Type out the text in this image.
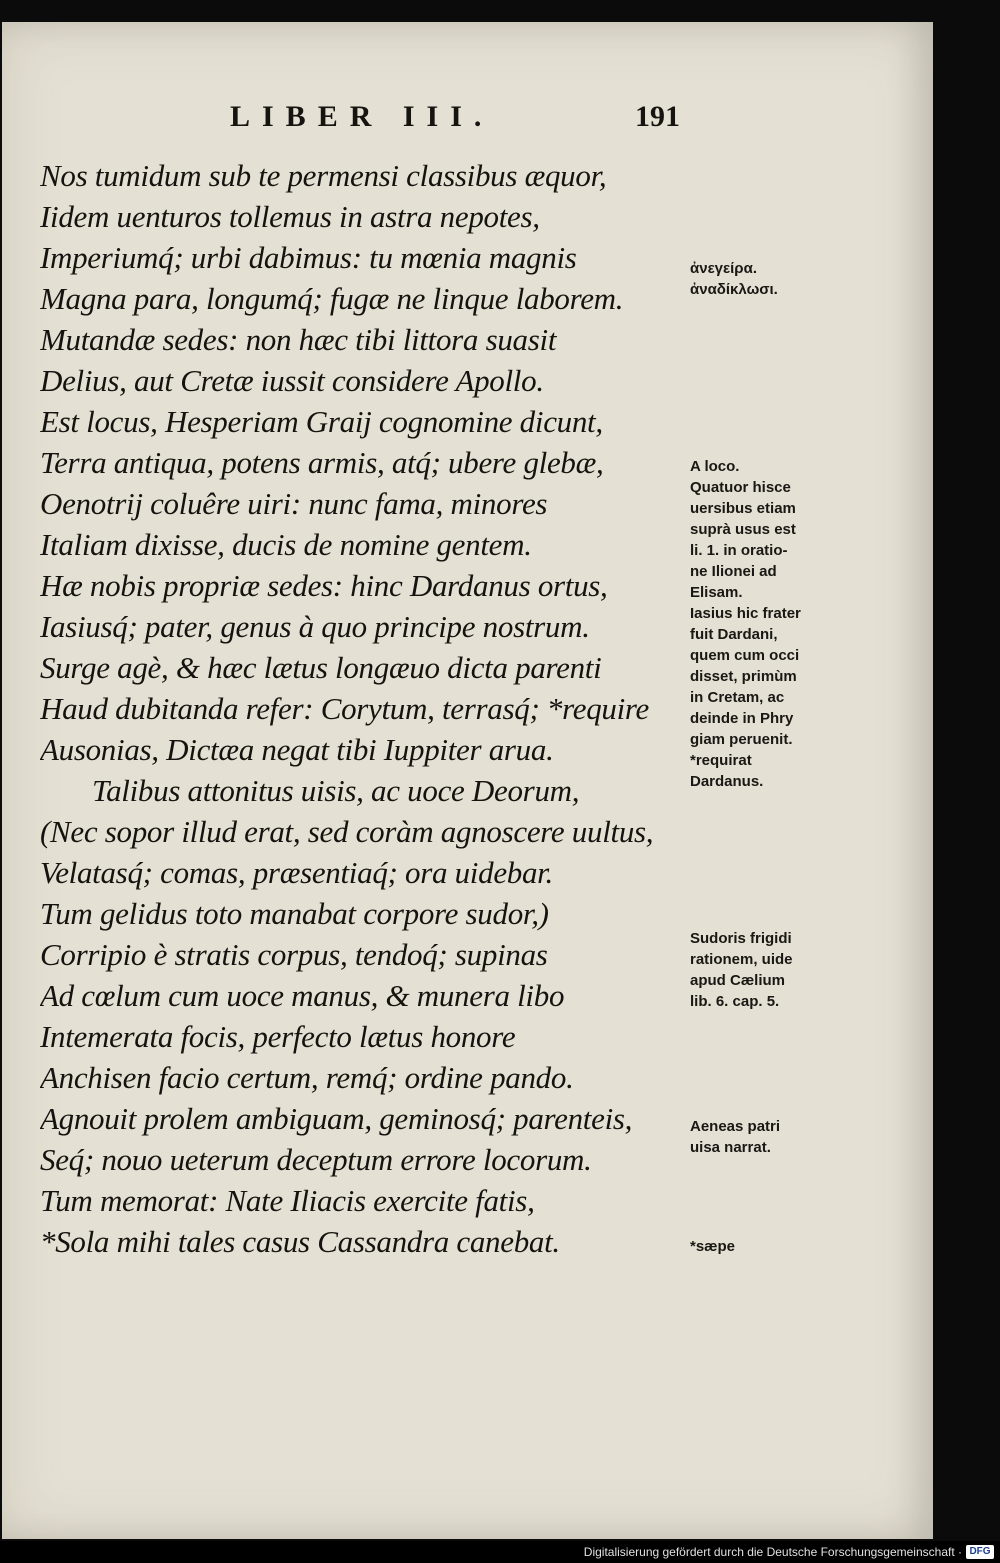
LIBER III.	191
Nos tumidum sub te permensi classibus æquor,
Iidem uenturos tollemus in astra nepotes,
Imperiumq́; urbi dabimus: tu mœnia magnis
Magna para, longumq́; fugæ ne linque laborem.
Mutandæ sedes: non hæc tibi littora suasit
Delius, aut Cretæ iussit considere Apollo.
Est locus, Hesperiam Graij cognomine dicunt,
Terra antiqua, potens armis, atq́; ubere glebæ,
Oenotrij coluêre uiri: nunc fama, minores
Italiam dixisse, ducis de nomine gentem.
Hæ nobis propriæ sedes: hinc Dardanus ortus,
Iasiusq́; pater, genus à quo principe nostrum.
Surge agè, & hæc lætus longæuo dicta parenti
Haud dubitanda refer: Corytum, terrasq́; *require
Ausonias, Dictæa negat tibi Iuppiter arua.
Talibus attonitus uisis, ac uoce Deorum,
(Nec sopor illud erat, sed coràm agnoscere uultus,
Velatasq́; comas, præsentiaq́; ora uidebar.
Tum gelidus toto manabat corpore sudor,)
Corripio è stratis corpus, tendoq́; supinas
Ad cœlum cum uoce manus, & munera libo
Intemerata focis, perfecto lætus honore
Anchisen facio certum, remq́; ordine pando.
Agnouit prolem ambiguam, geminosq́; parenteis,
Seq́; nouo ueterum deceptum errore locorum.
Tum memorat: Nate Iliacis exercite fatis,
*Sola mihi tales casus Cassandra canebat.
ἀνεγείρα.
ἀναδίκλωσι.
A loco.
Quatuor hisce
uersibus etiam
suprà usus est
li. 1. in oratio-
ne Ilionei ad
Elisam.
Iasius hic frater
fuit Dardani,
quem cum occi
disset, primùm
in Cretam, ac
deinde in Phry
giam peruenit.
*requirat
Dardanus.
Sudoris frigidi
rationem, uide
apud Cælium
lib. 6. cap. 5.
Aeneas patri
uisa narrat.
*sæpe
Digitalisierung gefördert durch die Deutsche Forschungsgemeinschaft · DFG
